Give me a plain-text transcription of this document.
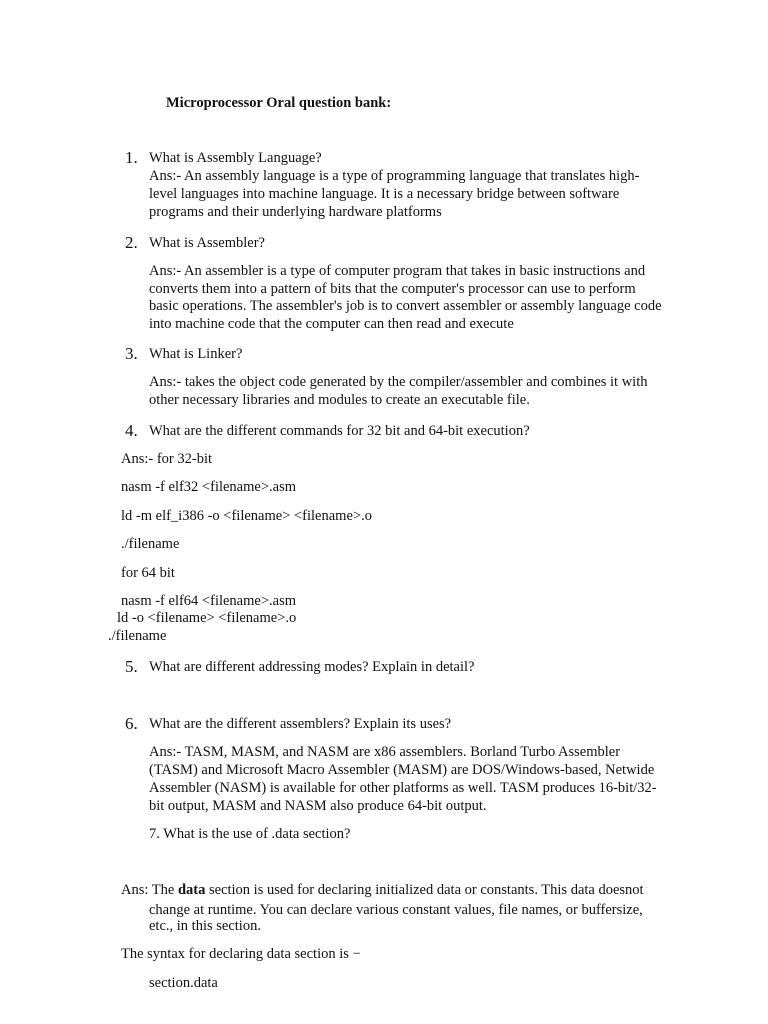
Microprocessor Oral question bank:
1. What is Assembly Language?
Ans:- An assembly language is a type of programming language that translates high-
level languages into machine language. It is a necessary bridge between software
programs and their underlying hardware platforms
2. What is Assembler?
Ans:- An assembler is a type of computer program that takes in basic instructions and
converts them into a pattern of bits that the computer's processor can use to perform
basic operations. The assembler's job is to convert assembler or assembly language code
into machine code that the computer can then read and execute
3. What is Linker?
Ans:- takes the object code generated by the compiler/assembler and combines it with
other necessary libraries and modules to create an executable file.
4. What are the different commands for 32 bit and 64-bit execution?
Ans:- for 32-bit
nasm -f elf32 <filename>.asm
ld -m elf_i386 -o <filename> <filename>.o
./filename
for 64 bit
nasm -f elf64 <filename>.asm
ld -o <filename> <filename>.o
./filename
5. What are different addressing modes? Explain in detail?
6. What are the different assemblers? Explain its uses?
Ans:- TASM, MASM, and NASM are x86 assemblers. Borland Turbo Assembler
(TASM) and Microsoft Macro Assembler (MASM) are DOS/Windows-based, Netwide
Assembler (NASM) is available for other platforms as well. TASM produces 16-bit/32-
bit output, MASM and NASM also produce 64-bit output.
7. What is the use of .data section?
Ans: The data section is used for declaring initialized data or constants. This data doesnot
change at runtime. You can declare various constant values, file names, or buffersize,
etc., in this section.
The syntax for declaring data section is −
section.data
